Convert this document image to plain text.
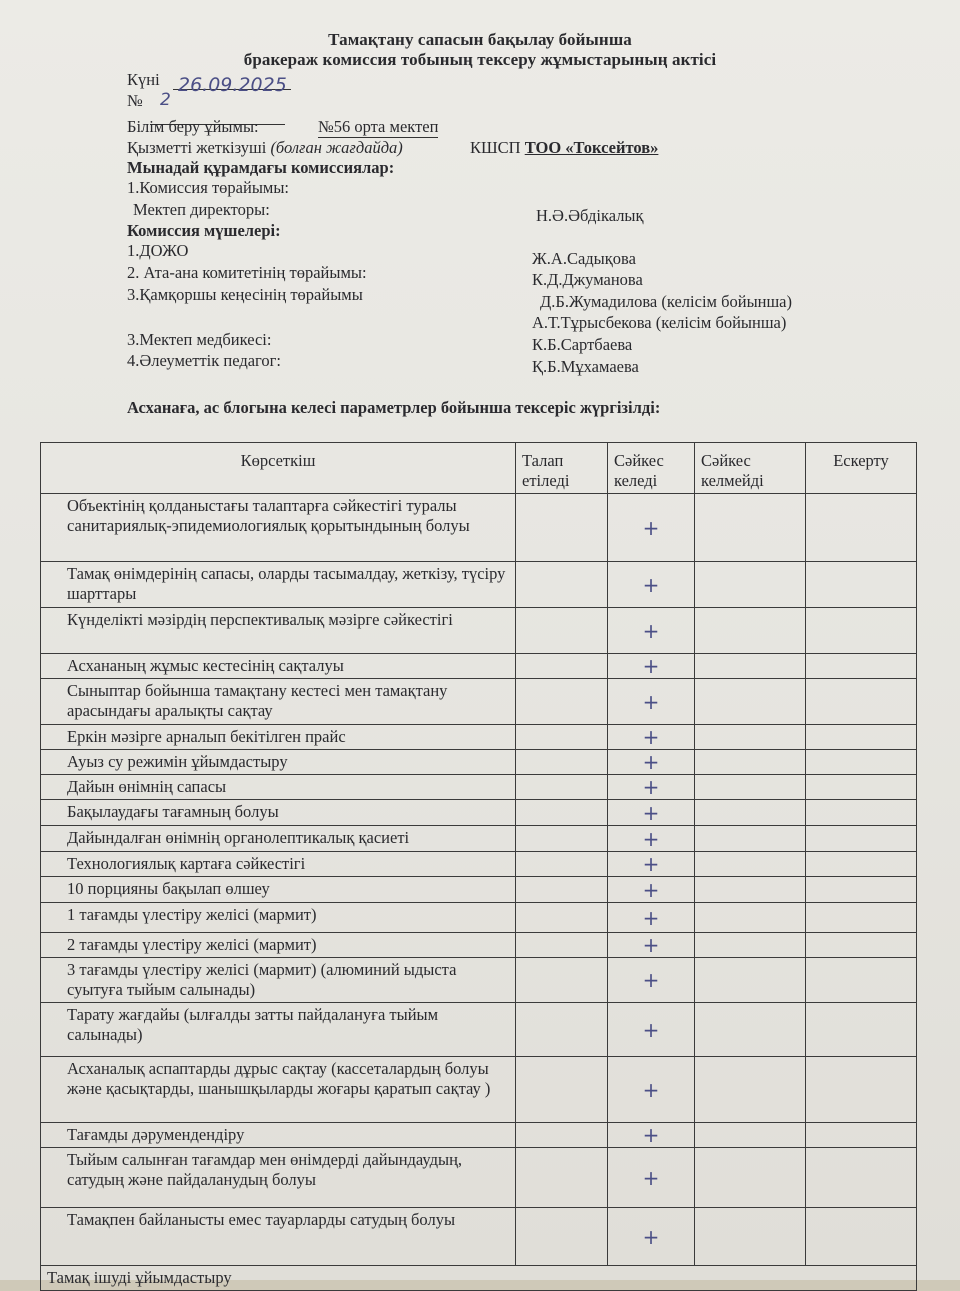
Тамақтану сапасын бақылау бойынша
бракераж комиссия тобының тексеру жұмыстарының актісі
Күні 26.09.2025
№ 2
Білім беру ұйымы:	№56 орта мектеп
Қызметті жеткізуші (болған жағдайда)	КШСП ТОО «Токсейтов»
Мынадай құрамдағы комиссиялар:
1.Комиссия төрайымы:
Мектеп директоры:	Н.Ә.Әбдікалық
Комиссия мүшелері:
1.ДОЖО	Ж.А.Садықова
2. Ата-ана комитетінің төрайымы:	К.Д.Джуманова
3.Қамқоршы кеңесінің төрайымы	Д.Б.Жумадилова (келісім бойынша)
А.Т.Тұрысбекова (келісім бойынша)
3.Мектеп медбикесі:	К.Б.Сартбаева
4.Әлеуметтік педагог:	Қ.Б.Мұхамаева
Асханаға, ас блогына келесі параметрлер бойынша тексеріс жүргізілді:
Көрсеткіш	Талап етіледі	Сәйкес келеді	Сәйкес келмейді	Ескерту
Объектінің қолданыстағы талаптарға сәйкестігі туралы санитариялық-эпидемиологиялық қорытындының болуы		+		
Тамақ өнімдерінің сапасы, оларды тасымалдау, жеткізу, түсіру шарттары		+		
Күнделікті мәзірдің перспективалық мәзірге сәйкестігі		+		
Асхананың жұмыс кестесінің сақталуы		+		
Сыныптар бойынша тамақтану кестесі мен тамақтану арасындағы аралықты сақтау		+		
Еркін мәзірге арналып бекітілген прайс		+		
Ауыз су режимін ұйымдастыру		+		
Дайын өнімнің сапасы		+		
Бақылаудағы тағамның болуы		+		
Дайындалған өнімнің органолептикалық қасиеті		+		
Технологиялық картаға сәйкестігі		+		
10 порцияны бақылап өлшеу		+		
1 тағамды үлестіру желісі (мармит)		+		
2 тағамды үлестіру желісі (мармит)		+		
3 тағамды үлестіру желісі (мармит) (алюминий ыдыста суытуға тыйым салынады)		+		
Тарату жағдайы (ылғалды затты пайдалануға тыйым салынады)		+		
Асханалық аспаптарды дұрыс сақтау (кассеталардың болуы және қасықтарды, шанышқыларды жоғары қаратып сақтау )		+		
Тағамды дәрумендендіру		+		
Тыйым салынған тағамдар мен өнімдерді дайындаудың, сатудың және пайдаланудың болуы		+		
Тамақпен байланысты емес тауарларды сатудың болуы		+		
Тамақ ішуді ұйымдастыру				
